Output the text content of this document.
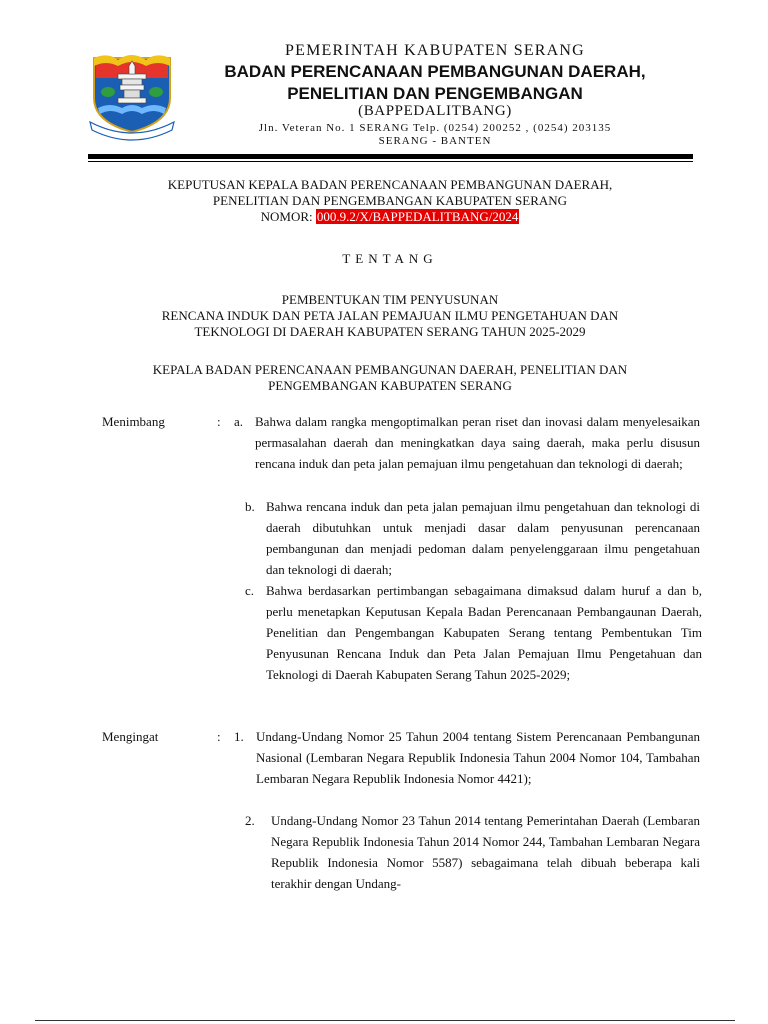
PEMERINTAH KABUPATEN SERANG
BADAN PERENCANAAN PEMBANGUNAN DAERAH,
PENELITIAN DAN PENGEMBANGAN
(BAPPEDALITBANG)
Jln. Veteran No. 1 SERANG Telp. (0254) 200252 , (0254) 203135
SERANG - BANTEN
KEPUTUSAN KEPALA BADAN PERENCANAAN PEMBANGUNAN DAERAH,
PENELITIAN DAN PENGEMBANGAN KABUPATEN SERANG
NOMOR: 000.9.2/X/BAPPEDALITBANG/2024
TENTANG
PEMBENTUKAN TIM PENYUSUNAN
RENCANA INDUK DAN PETA JALAN PEMAJUAN ILMU PENGETAHUAN DAN
TEKNOLOGI DI DAERAH KABUPATEN SERANG TAHUN 2025-2029
KEPALA BADAN PERENCANAAN PEMBANGUNAN DAERAH, PENELITIAN DAN
PENGEMBANGAN KABUPATEN SERANG
Menimbang	: a. Bahwa dalam rangka mengoptimalkan peran riset dan inovasi dalam menyelesaikan permasalahan daerah dan meningkatkan daya saing daerah, maka perlu disusun rencana induk dan peta jalan pemajuan ilmu pengetahuan dan teknologi di daerah;
b. Bahwa rencana induk dan peta jalan pemajuan ilmu pengetahuan dan teknologi di daerah dibutuhkan untuk menjadi dasar dalam penyusunan perencanaan pembangunan dan menjadi pedoman dalam penyelenggaraan ilmu pengetahuan dan teknologi di daerah;
c. Bahwa berdasarkan pertimbangan sebagaimana dimaksud dalam huruf a dan b, perlu menetapkan Keputusan Kepala Badan Perencanaan Pembangaunan Daerah, Penelitian dan Pengembangan Kabupaten Serang tentang Pembentukan Tim Penyusunan Rencana Induk dan Peta Jalan Pemajuan Ilmu Pengetahuan dan Teknologi di Daerah Kabupaten Serang Tahun 2025-2029;
Mengingat	: 1. Undang-Undang Nomor 25 Tahun 2004 tentang Sistem Perencanaan Pembangunan Nasional (Lembaran Negara Republik Indonesia Tahun 2004 Nomor 104, Tambahan Lembaran Negara Republik Indonesia Nomor 4421);
2. Undang-Undang Nomor 23 Tahun 2014 tentang Pemerintahan Daerah (Lembaran Negara Republik Indonesia Tahun 2014 Nomor 244, Tambahan Lembaran Negara Republik Indonesia Nomor 5587) sebagaimana telah dibuah beberapa kali terakhir dengan Undang-
